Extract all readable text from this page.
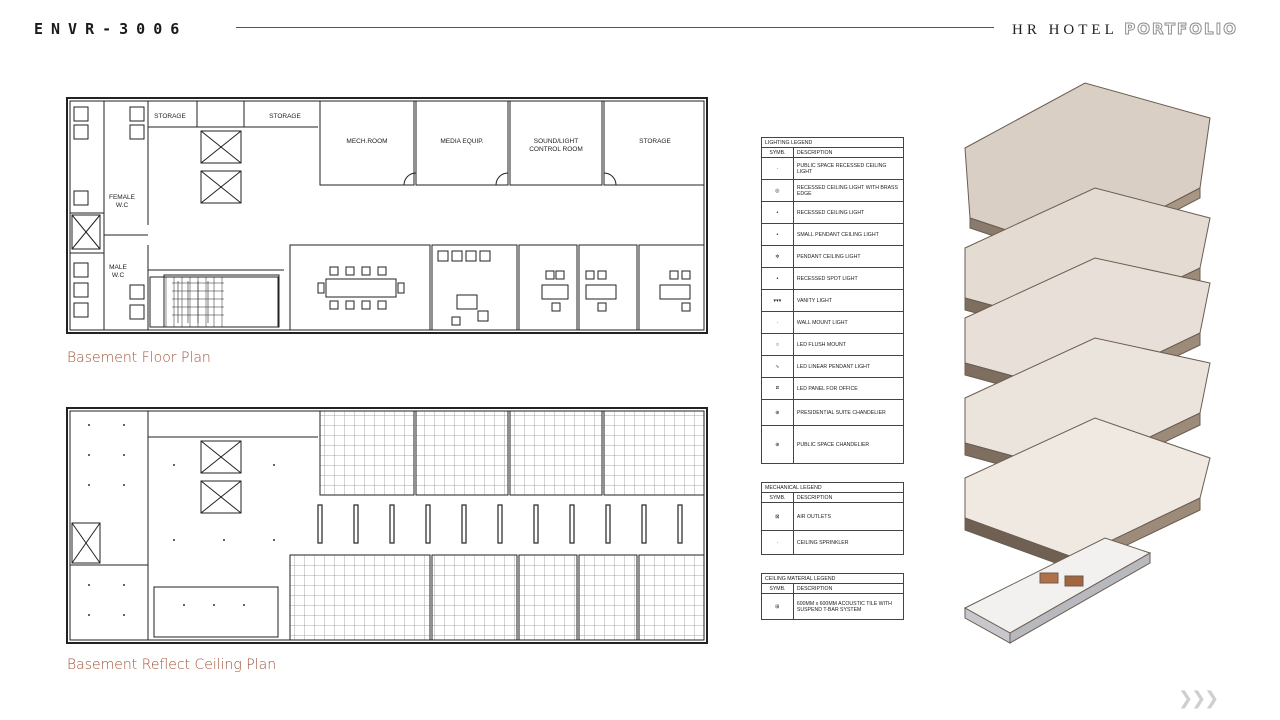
ENVR-3006	HR HOTEL PORTFOLIO
STORAGE	STORAGE
MECH.ROOM	MEDIA EQUIP.	SOUND/LIGHT
CONTROL ROOM
STORAGE
FEMALE
W.C
MALE
W.C
Basement Floor Plan
Basement Reflect Ceiling Plan
LIGHTING LEGEND	
SYMB.	DESCRIPTION
·	PUBLIC SPACE RECESSED CEILING LIGHT
◎	RECESSED CEILING LIGHT WITH BRASS EDGE
•	RECESSED CEILING LIGHT
•	SMALL PENDANT CEILING LIGHT
✲	PENDANT CEILING LIGHT
•	RECESSED SPOT LIGHT
▾▾▾	VANITY LIGHT
·	WALL MOUNT LIGHT
○	LED FLUSH MOUNT
∿	LED LINEAR PENDANT LIGHT
⧄	LED PANEL FOR OFFICE
⊕	PRESIDENTIAL SUITE CHANDELIER
⊕	PUBLIC SPACE CHANDELIER
MECHANICAL LEGEND	
SYMB.	DESCRIPTION
⊠	AIR OUTLETS
·	CEILING SPRINKLER
CEILING MATERIAL LEGEND	
SYMB.	DESCRIPTION
⊞	600MM x 600MM ACOUSTIC TILE WITH SUSPEND T-BAR SYSTEM
❯❯❯
